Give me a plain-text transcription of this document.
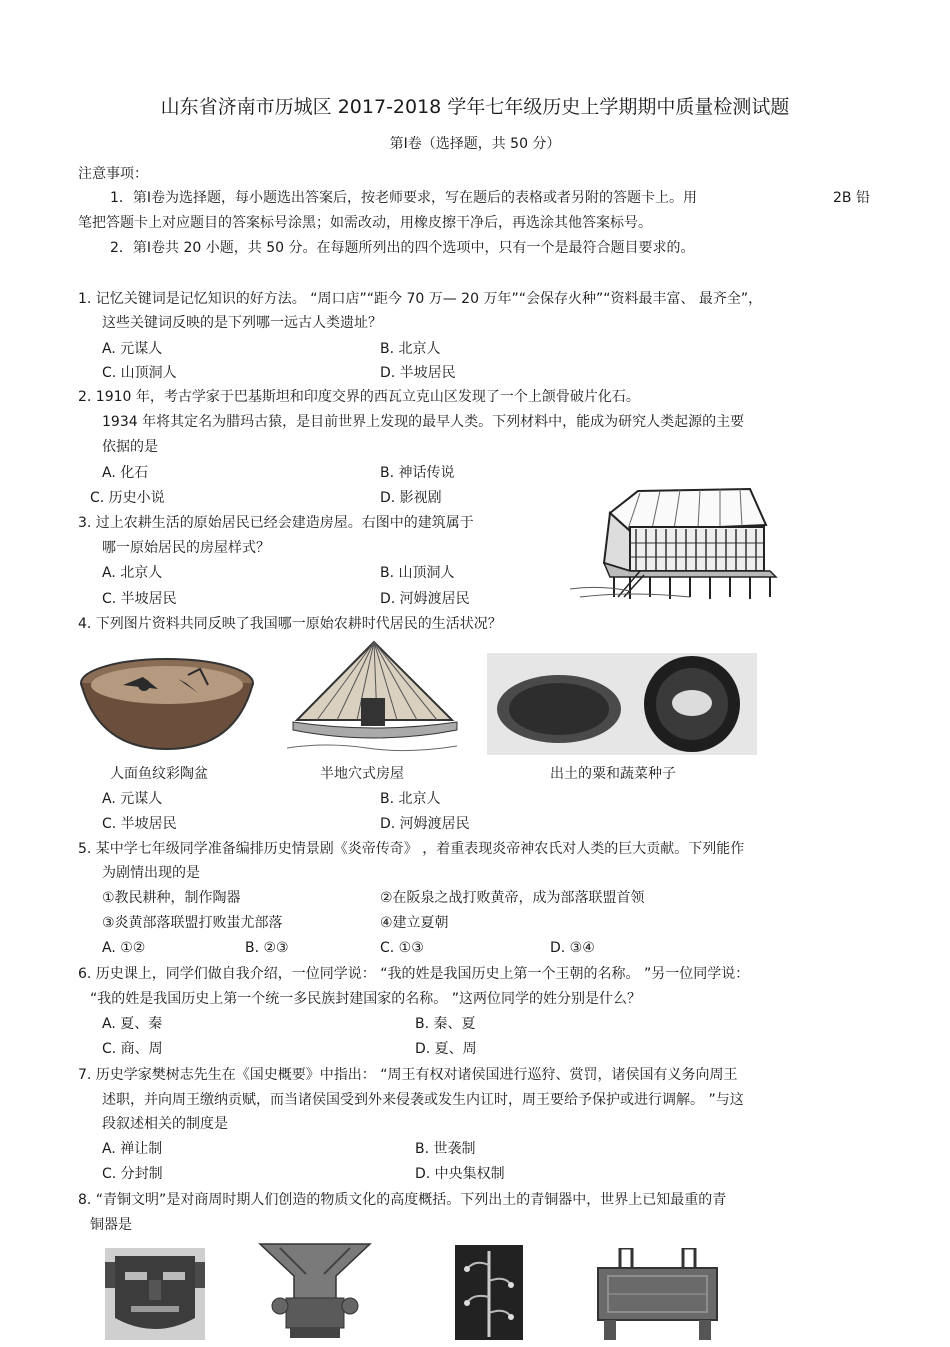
山东省济南市历城区 2017-2018 学年七年级历史上学期期中质量检测试题
第Ⅰ卷（选择题，共 50 分）
注意事项：
1．第Ⅰ卷为选择题，每小题选出答案后，按老师要求，写在题后的表格或者另附的答题卡上。用	2B 铅
笔把答题卡上对应题目的答案标号涂黑；如需改动，用橡皮擦干净后，再选涂其他答案标号。
2．第Ⅰ卷共 20 小题，共 50 分。在每题所列出的四个选项中，只有一个是最符合题目要求的。
1. 记忆关键词是记忆知识的好方法。 “周口店”“距今 70 万— 20 万年”“会保存火种”“资料最丰富、 最齐全”，
这些关键词反映的是下列哪一远古人类遗址？
A. 元谋人	B. 北京人
C. 山顶洞人	D. 半坡居民
2. 1910 年，考古学家于巴基斯坦和印度交界的西瓦立克山区发现了一个上颌骨破片化石。
1934 年将其定名为腊玛古猿，是目前世界上发现的最早人类。下列材料中，能成为研究人类起源的主要
依据的是
A. 化石	B. 神话传说
C. 历史小说	D. 影视剧
3. 过上农耕生活的原始居民已经会建造房屋。右图中的建筑属于
哪一原始居民的房屋样式？
A. 北京人	B. 山顶洞人
C. 半坡居民	D. 河姆渡居民
4. 下列图片资料共同反映了我国哪一原始农耕时代居民的生活状况？
人面鱼纹彩陶盆	半地穴式房屋	出土的粟和蔬菜种子
A. 元谋人	B. 北京人
C. 半坡居民	D. 河姆渡居民
5. 某中学七年级同学准备编排历史情景剧《炎帝传奇》 ，着重表现炎帝神农氏对人类的巨大贡献。下列能作
为剧情出现的是
①教民耕种，制作陶器	②在阪泉之战打败黄帝，成为部落联盟首领
③炎黄部落联盟打败蚩尤部落	④建立夏朝
A. ①②	B. ②③	C. ①③	D. ③④
6. 历史课上，同学们做自我介绍，一位同学说： “我的姓是我国历史上第一个王朝的名称。 ”另一位同学说：
“我的姓是我国历史上第一个统一多民族封建国家的名称。 ”这两位同学的姓分别是什么？
A. 夏、秦	B. 秦、夏
C. 商、周	D. 夏、周
7. 历史学家樊树志先生在《国史概要》中指出： “周王有权对诸侯国进行巡狩、赏罚，诸侯国有义务向周王
述职，并向周王缴纳贡赋，而当诸侯国受到外来侵袭或发生内讧时，周王要给予保护或进行调解。 ”与这
段叙述相关的制度是
A. 禅让制	B. 世袭制
C. 分封制	D. 中央集权制
8. “青铜文明”是对商周时期人们创造的物质文化的高度概括。下列出土的青铜器中，世界上已知最重的青
铜器是
